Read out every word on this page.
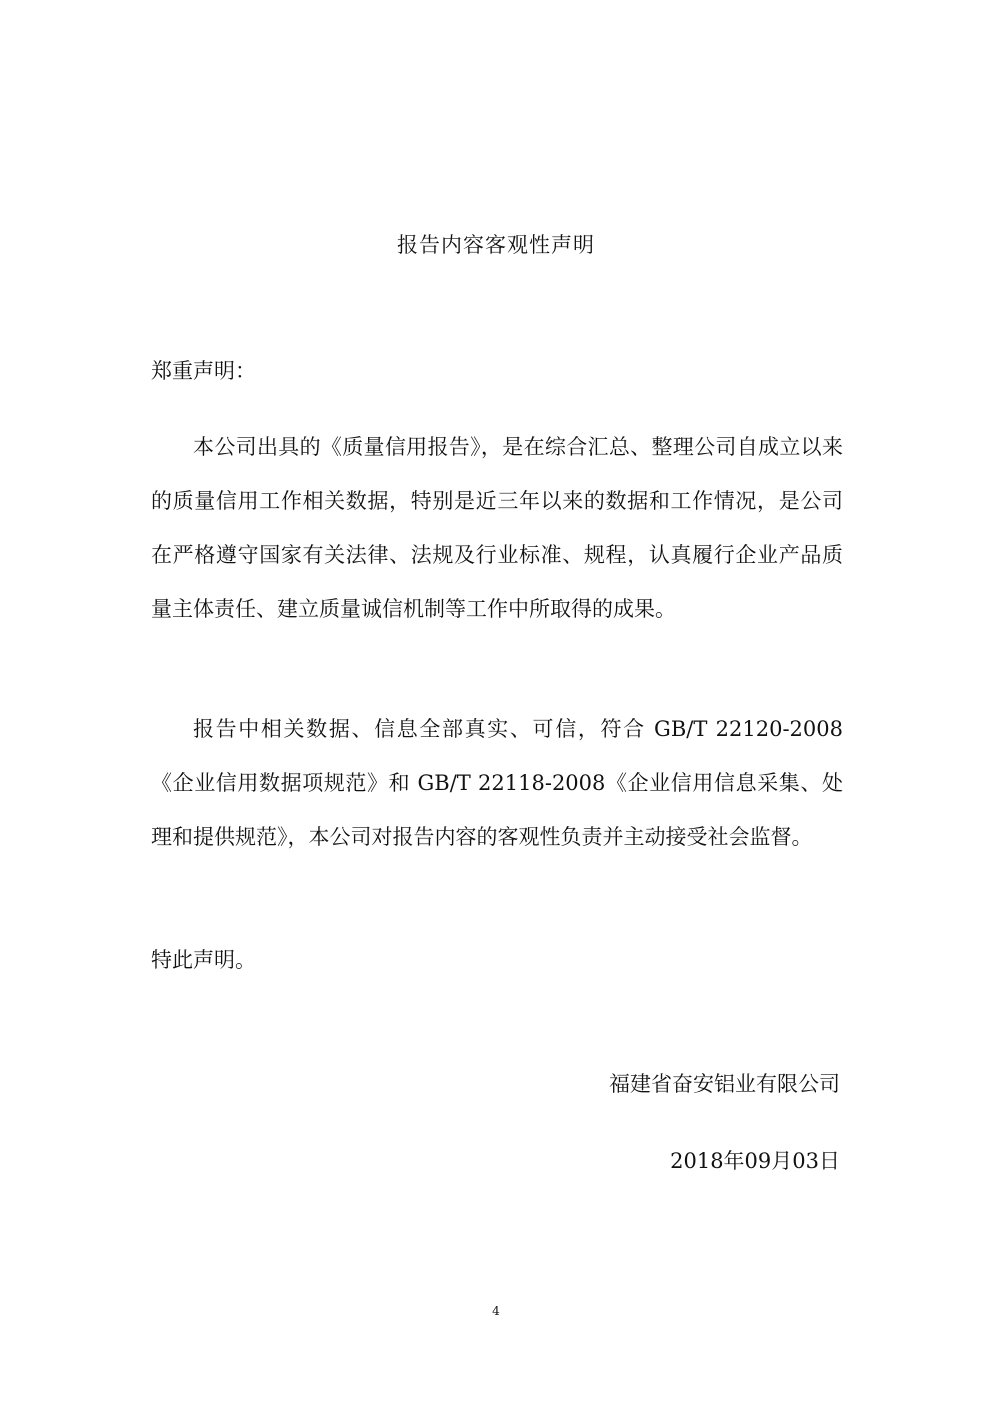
报告内容客观性声明
郑重声明：

本公司出具的《质量信用报告》，是在综合汇总、整理公司自成立以来的质量信用工作相关数据，特别是近三年以来的数据和工作情况，是公司在严格遵守国家有关法律、法规及行业标准、规程，认真履行企业产品质量主体责任、建立质量诚信机制等工作中所取得的成果。

报告中相关数据、信息全部真实、可信，符合 GB/T 22120-2008《企业信用数据项规范》和 GB/T 22118-2008《企业信用信息采集、处理和提供规范》，本公司对报告内容的客观性负责并主动接受社会监督。

特此声明。
福建省奋安铝业有限公司
2018年09月03日
4
